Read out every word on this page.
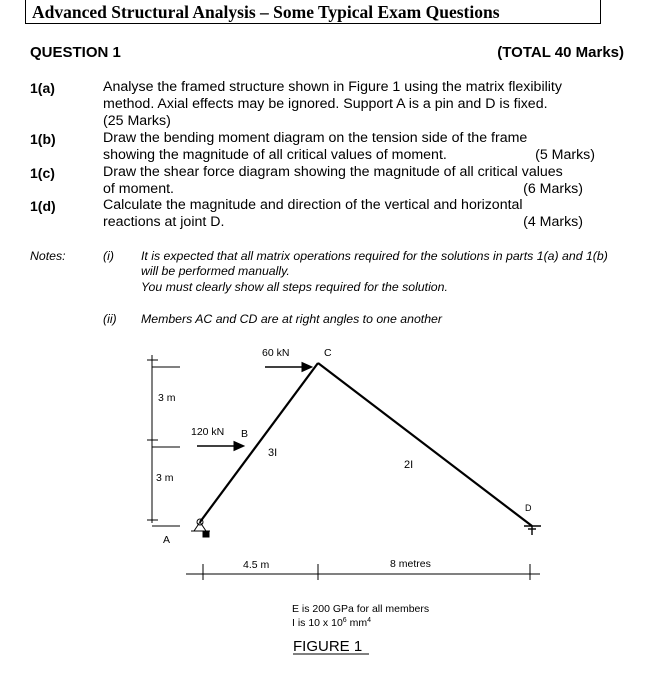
Advanced Structural Analysis – Some Typical Exam Questions
QUESTION 1	(TOTAL 40 Marks)
1(a)	Analyse the framed structure shown in Figure 1 using the matrix flexibility
method. Axial effects may be ignored. Support A is a pin and D is fixed.
(25 Marks)
1(b)	Draw the bending moment diagram on the tension side of the frame
showing the magnitude of all critical values of moment.	(5 Marks)
1(c)	Draw the shear force diagram showing the magnitude of all critical values
of moment.	(6 Marks)
1(d)	Calculate the magnitude and direction of the vertical and horizontal
reactions at joint D.	(4 Marks)
Notes:	(i) It is expected that all matrix operations required for the solutions in parts 1(a) and 1(b)
will be performed manually.
You must clearly show all steps required for the solution.
(ii) Members AC and CD are at right angles to one another
3 m
3 m
A
D
60 kN	C
120 kN B
3I
2I
4.5 m	8 metres
E is 200 GPa for all members
I is 10 x $10^6$ $mm^4$
FIGURE 1
